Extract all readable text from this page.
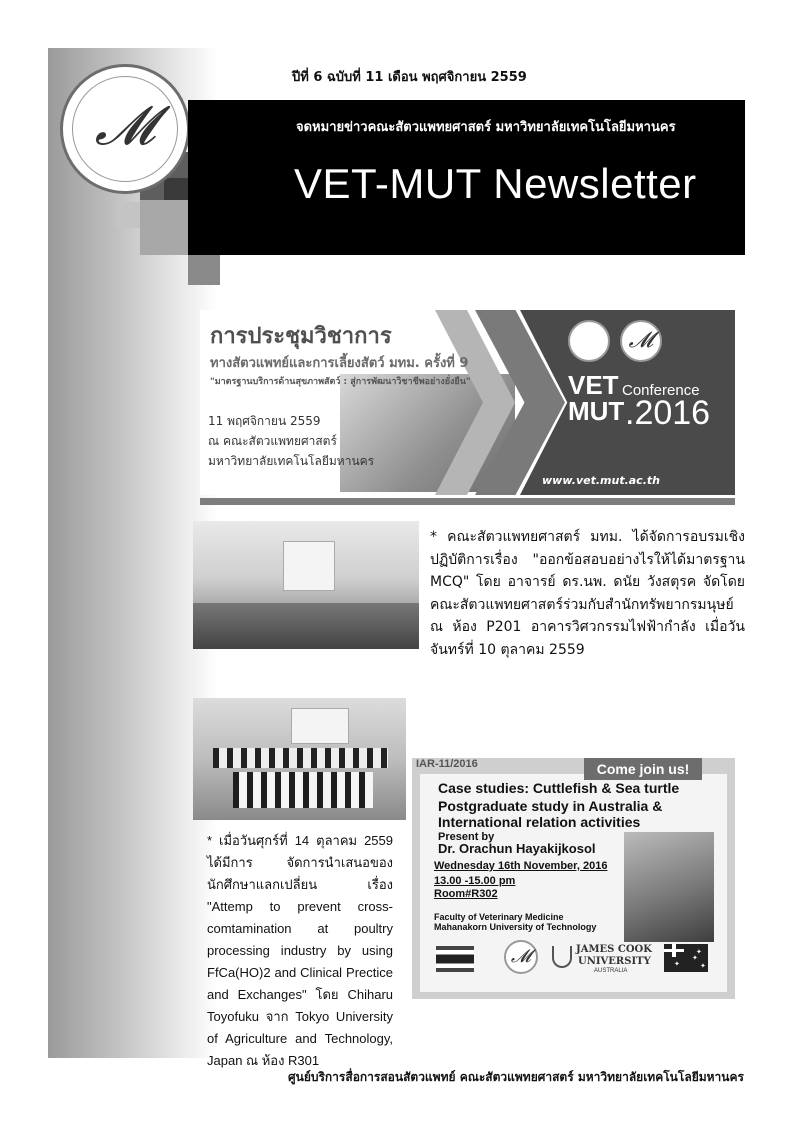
𝓜
ปีที่ 6 ฉบับที่ 11 เดือน พฤศจิกายน 2559
จดหมายข่าวคณะสัตวแพทยศาสตร์ มหาวิทยาลัยเทคโนโลยีมหานคร
VET-MUT Newsletter
การประชุมวิชาการ
ทางสัตวแพทย์และการเลี้ยงสัตว์ มทม. ครั้งที่ 9
"มาตรฐานบริการด้านสุขภาพสัตว์ : สู่การพัฒนาวิชาชีพอย่างยั่งยืน"
11 พฤศจิกายน 2559
ณ คณะสัตวแพทยศาสตร์
มหาวิทยาลัยเทคโนโลยีมหานคร
𝓜
VET
MUT
Conference
.2016
www.vet.mut.ac.th
* คณะสัตวแพทยศาสตร์ มทม. ได้จัดการอบรมเชิงปฏิบัติการเรื่อง "ออกข้อสอบอย่างไรให้ได้มาตรฐาน MCQ" โดย อาจารย์ ดร.นพ. ดนัย วังสตุรค จัดโดยคณะสัตวแพทยศาสตร์ร่วมกับสำนักทรัพยากรมนุษย์ ณ ห้อง P201 อาคารวิศวกรรมไฟฟ้ากำลัง เมื่อวันจันทร์ที่ 10 ตุลาคม 2559
* เมื่อวันศุกร์ที่ 14 ตุลาคม 2559 ได้มีการ จัดการนำเสนอของนักศึกษาแลกเปลี่ยน เรื่อง "Attemp to prevent cross-comtamination at poultry processing industry by using FfCa(HO)2 and Clinical Prectice and Exchanges" โดย Chiharu Toyofuku จาก Tokyo University of Agriculture and Technology, Japan ณ ห้อง R301
IAR-11/2016	Come join us!
Case studies: Cuttlefish & Sea turtle
Postgraduate study in Australia &
International relation activities
Present by
Dr. Orachun Hayakijkosol
Wednesday 16th November, 2016
13.00 -15.00 pm
Room#R302
Faculty of Veterinary Medicine
Mahanakorn University of Technology
𝓜	JAMES COOK
UNIVERSITY
AUSTRALIA
✦
✦
✦
✦
ศูนย์บริการสื่อการสอนสัตวแพทย์ คณะสัตวแพทยศาสตร์ มหาวิทยาลัยเทคโนโลยีมหานคร
